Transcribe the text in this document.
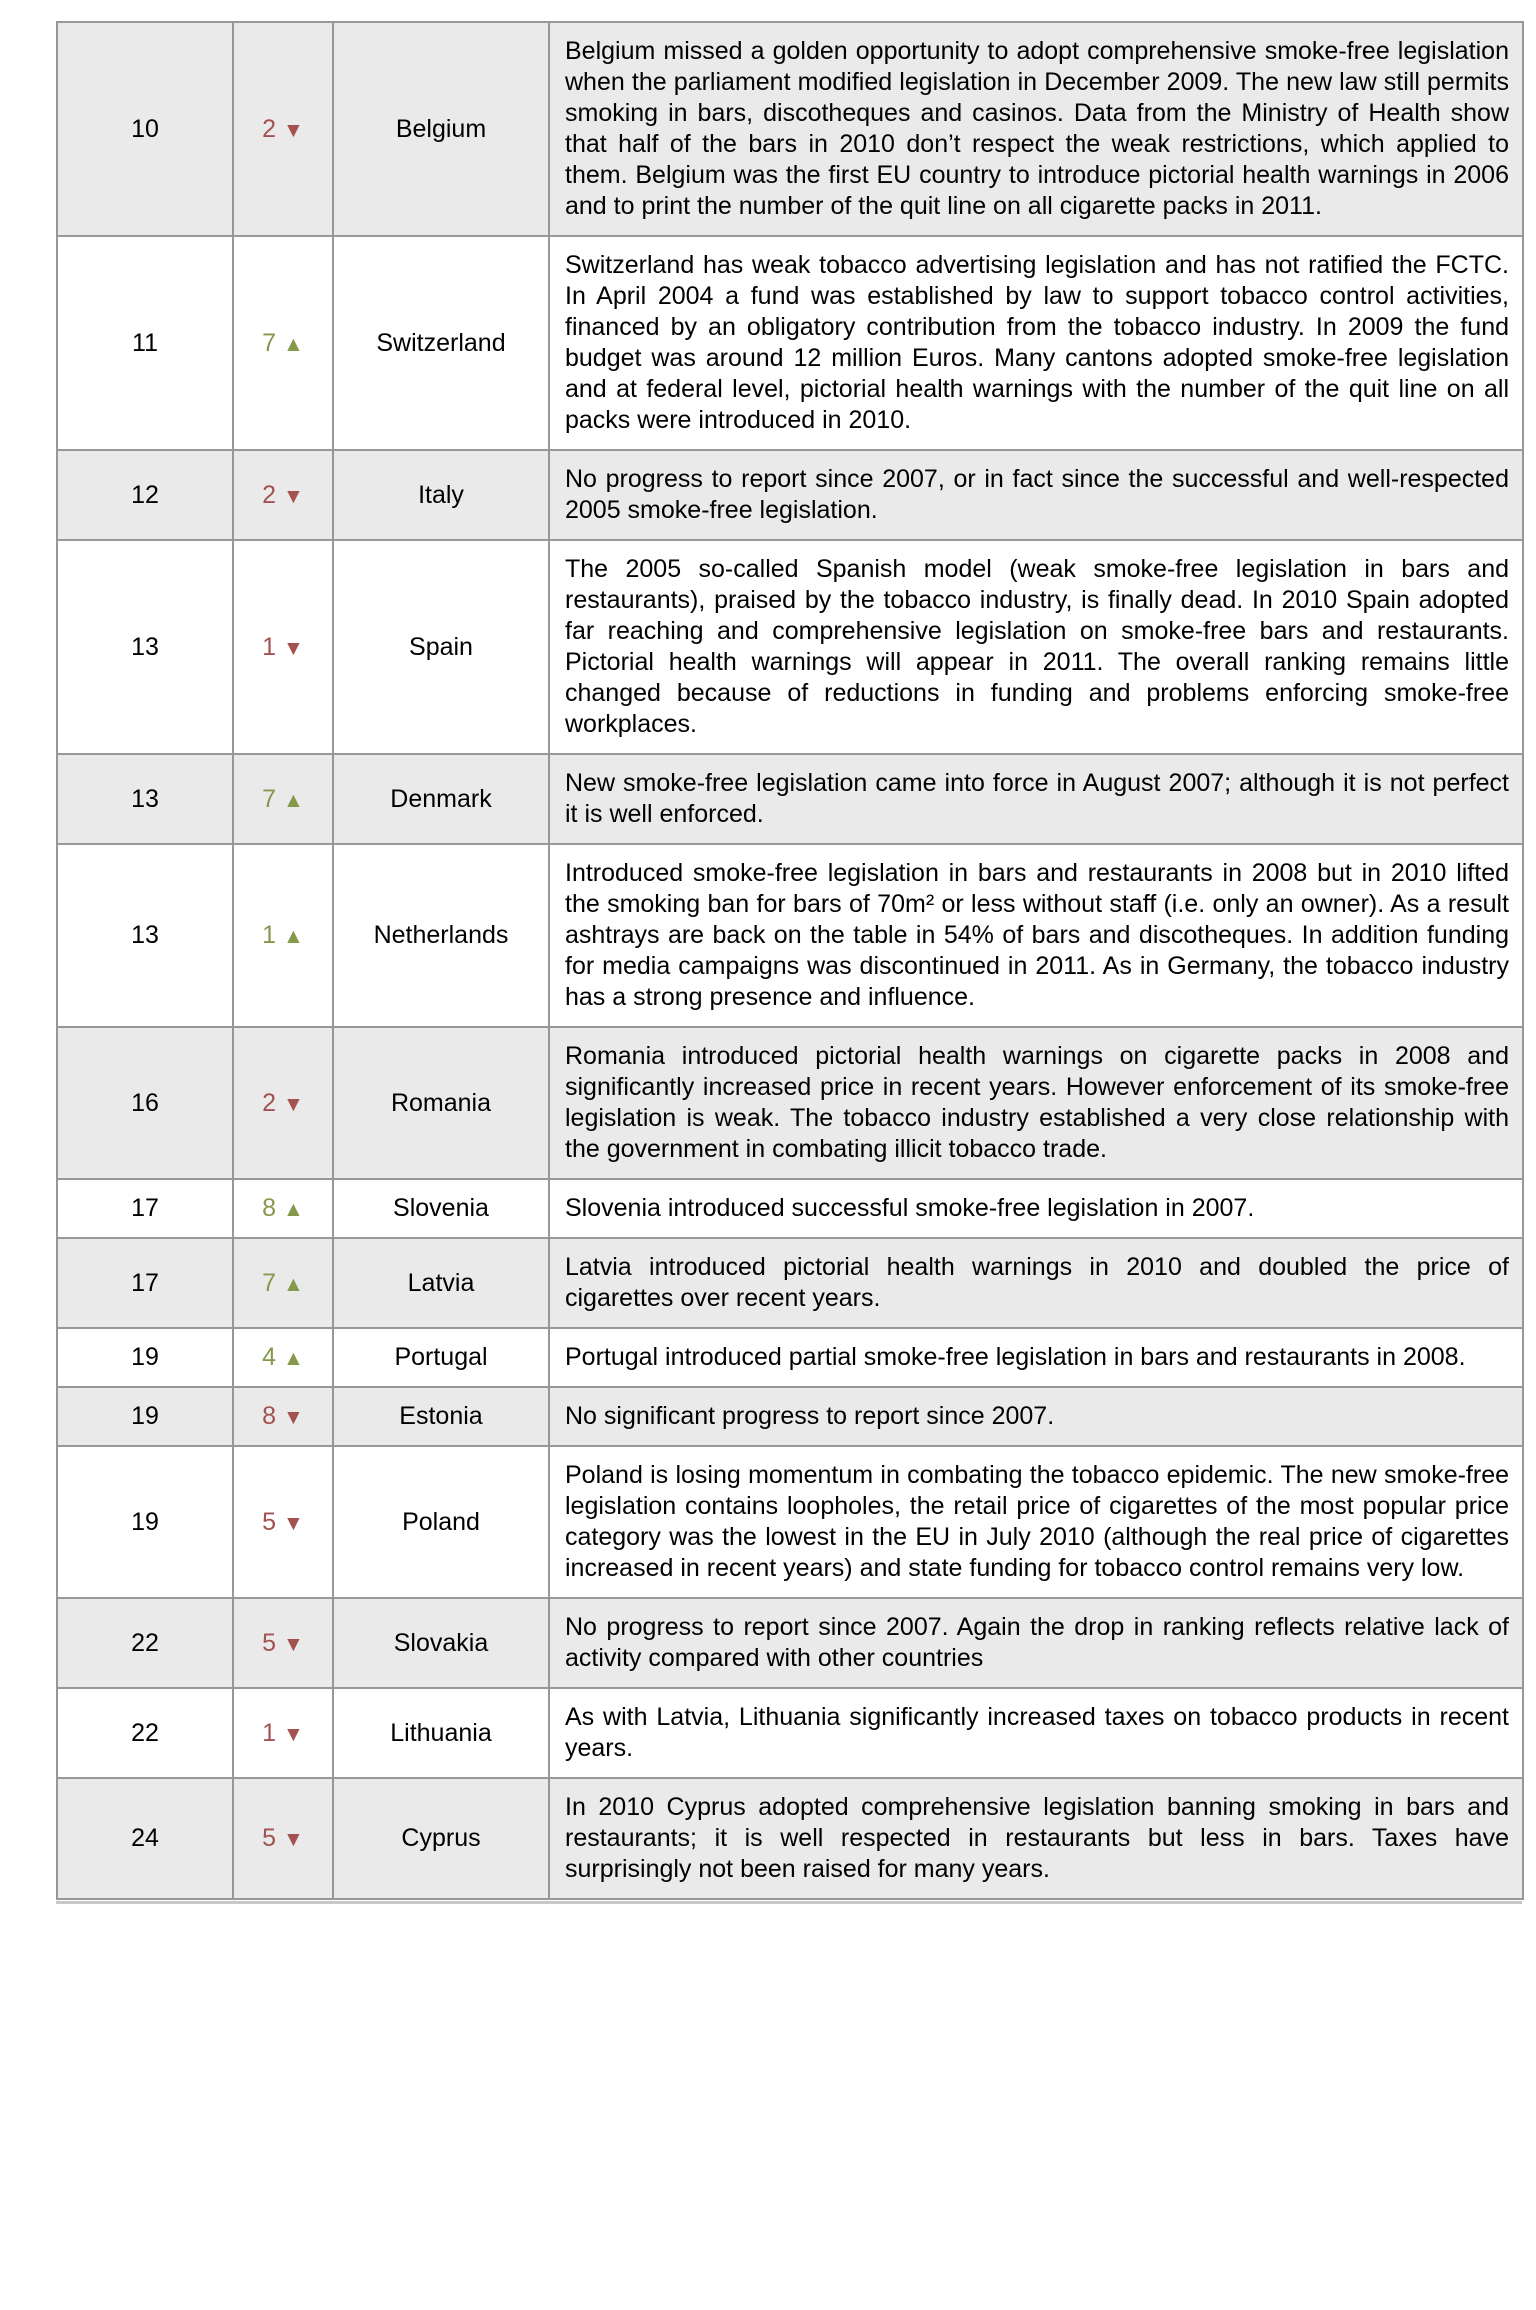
10	2 ▼	Belgium	Belgium missed a golden opportunity to adopt comprehensive smoke-free legislation when the parliament modified legislation in December 2009. The new law still permits smoking in bars, discotheques and casinos. Data from the Ministry of Health show that half of the bars in 2010 don’t respect the weak restrictions, which applied to them. Belgium was the first EU country to introduce pictorial health warnings in 2006 and to print the number of the quit line on all cigarette packs in 2011.
11	7 ▲	Switzerland	Switzerland has weak tobacco advertising legislation and has not ratified the FCTC. In April 2004 a fund was established by law to support tobacco control activities, financed by an obligatory contribution from the tobacco industry. In 2009 the fund budget was around 12 million Euros. Many cantons adopted smoke-free legislation and at federal level, pictorial health warnings with the number of the quit line on all packs were introduced in 2010.
12	2 ▼	Italy	No progress to report since 2007, or in fact since the successful and well-respected 2005 smoke-free legislation.
13	1 ▼	Spain	The 2005 so-called Spanish model (weak smoke-free legislation in bars and restaurants), praised by the tobacco industry, is finally dead. In 2010 Spain adopted far reaching and comprehensive legislation on smoke-free bars and restaurants. Pictorial health warnings will appear in 2011. The overall ranking remains little changed because of reductions in funding and problems enforcing smoke-free workplaces.
13	7 ▲	Denmark	New smoke-free legislation came into force in August 2007; although it is not perfect it is well enforced.
13	1 ▲	Netherlands	Introduced smoke-free legislation in bars and restaurants in 2008 but in 2010 lifted the smoking ban for bars of 70m² or less without staff (i.e. only an owner). As a result ashtrays are back on the table in 54% of bars and discotheques. In addition funding for media campaigns was discontinued in 2011. As in Germany, the tobacco industry has a strong presence and influence.
16	2 ▼	Romania	Romania introduced pictorial health warnings on cigarette packs in 2008 and significantly increased price in recent years. However enforcement of its smoke-free legislation is weak. The tobacco industry established a very close relationship with the government in combating illicit tobacco trade.
17	8 ▲	Slovenia	Slovenia introduced successful smoke-free legislation in 2007.
17	7 ▲	Latvia	Latvia introduced pictorial health warnings in 2010 and doubled the price of cigarettes over recent years.
19	4 ▲	Portugal	Portugal introduced partial smoke-free legislation in bars and restaurants in 2008.
19	8 ▼	Estonia	No significant progress to report since 2007.
19	5 ▼	Poland	Poland is losing momentum in combating the tobacco epidemic. The new smoke-free legislation contains loopholes, the retail price of cigarettes of the most popular price category was the lowest in the EU in July 2010 (although the real price of cigarettes increased in recent years) and state funding for tobacco control remains very low.
22	5 ▼	Slovakia	No progress to report since 2007. Again the drop in ranking reflects relative lack of activity compared with other countries
22	1 ▼	Lithuania	As with Latvia, Lithuania significantly increased taxes on tobacco products in recent years.
24	5 ▼	Cyprus	In 2010 Cyprus adopted comprehensive legislation banning smoking in bars and restaurants; it is well respected in restaurants but less in bars. Taxes have surprisingly not been raised for many years.
